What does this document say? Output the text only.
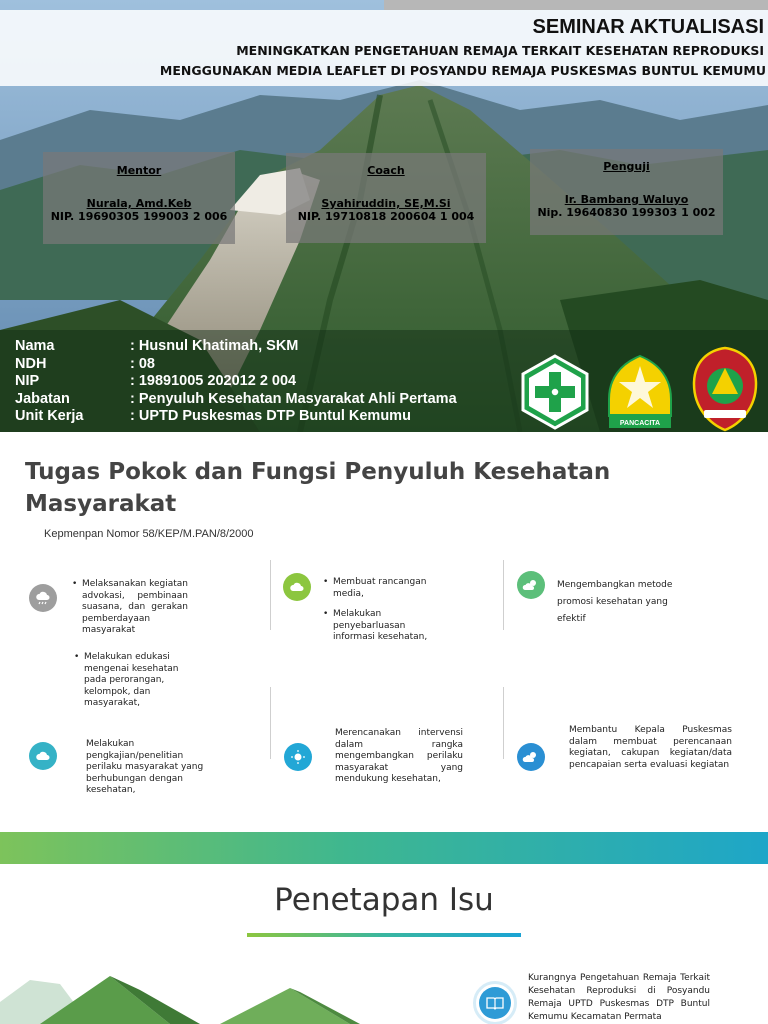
SEMINAR AKTUALISASI
MENINGKATKAN PENGETAHUAN REMAJA TERKAIT KESEHATAN REPRODUKSI
MENGGUNAKAN MEDIA LEAFLET DI POSYANDU REMAJA PUSKESMAS BUNTUL KEMUMU
Mentor
Nurala, Amd.Keb
NIP. 19690305 199003 2 006
Coach
Syahiruddin, SE,M.Si
NIP. 19710818 200604 1 004
Penguji
Ir. Bambang Waluyo
Nip. 19640830 199303 1 002
Nama	: Husnul Khatimah, SKM
NDH	: 08
NIP	: 19891005 202012 2 004
Jabatan	: Penyuluh Kesehatan Masyarakat Ahli Pertama
Unit Kerja	: UPTD Puskesmas DTP Buntul Kemumu	PANCACITA
Tugas Pokok dan Fungsi Penyuluh Kesehatan Masyarakat
Kepmenpan Nomor 58/KEP/M.PAN/8/2000
• Melaksanakan kegiatan advokasi, pembinaan suasana, dan gerakan pemberdayaan masyarakat
• Melakukan edukasi mengenai kesehatan pada perorangan, kelompok, dan masyarakat,
• Membuat rancangan media,
• Melakukan penyebarluasan informasi kesehatan,
Mengembangkan metode promosi kesehatan yang efektif
Melakukan pengkajian/penelitian perilaku masyarakat yang berhubungan dengan kesehatan,
Merencanakan intervensi dalam rangka mengembangkan perilaku masyarakat yang mendukung kesehatan,
Membantu Kepala Puskesmas dalam membuat perencanaan kegiatan, cakupan kegiatan/data pencapaian serta evaluasi kegiatan
Penetapan Isu
Kurangnya Pengetahuan Remaja Terkait Kesehatan Reproduksi di Posyandu Remaja UPTD Puskesmas DTP Buntul Kemumu Kecamatan Permata
